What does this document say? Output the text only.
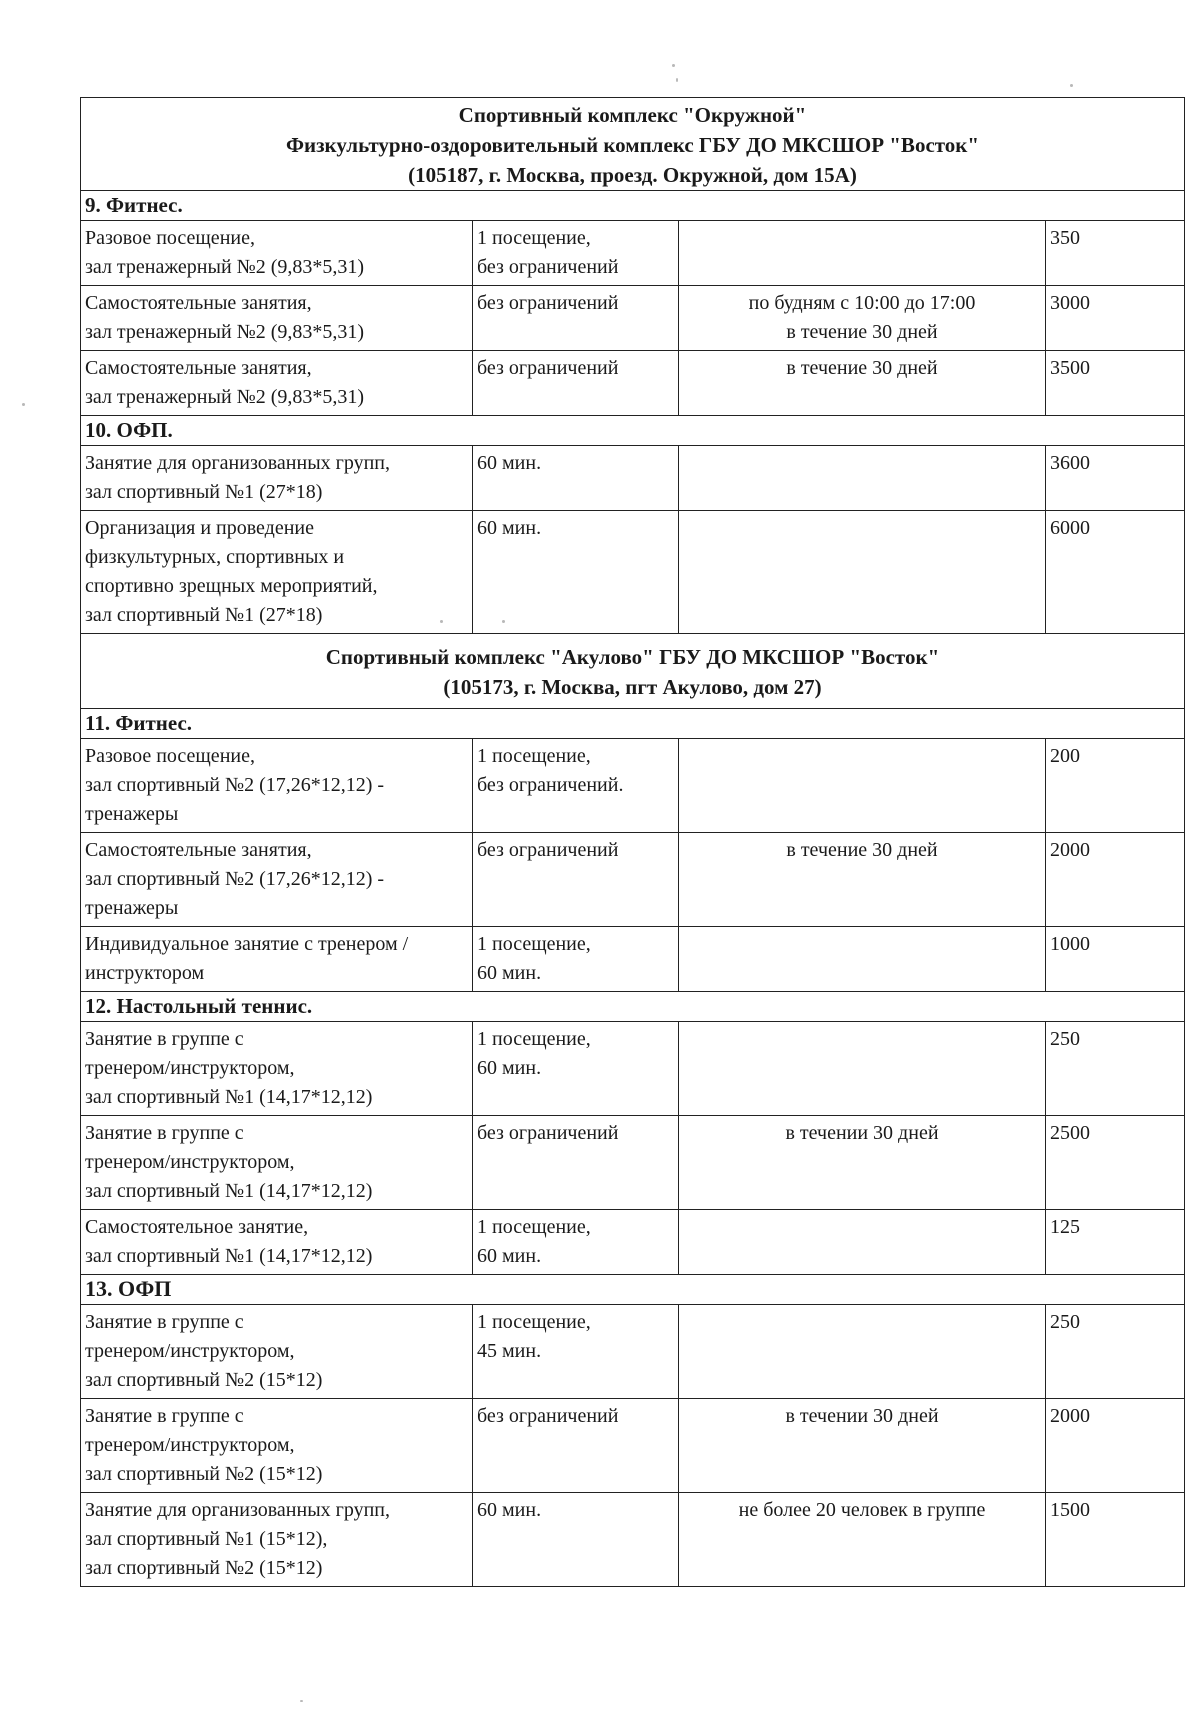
Спортивный комплекс "Окружной"
Физкультурно-оздоровительный комплекс ГБУ ДО МКСШОР "Восток"
(105187, г. Москва, проезд. Окружной, дом 15А)			

9. Фитнес.			

Разовое посещение,
зал тренажерный №2 (9,83*5,31)	1 посещение,
без ограничений		350

Самостоятельные занятия,
зал тренажерный №2 (9,83*5,31)	без ограничений	по будням с 10:00 до 17:00
в течение 30 дней	3000

Самостоятельные занятия,
зал тренажерный №2 (9,83*5,31)	без ограничений	в течение 30 дней	3500
10. ОФП.			

Занятие для организованных групп,
зал спортивный №1 (27*18)	60 мин.		3600

Организация и проведение
физкультурных, спортивных и
спортивно зрещных мероприятий,
зал спортивный №1 (27*18)	60 мин.		6000

Спортивный комплекс "Акулово" ГБУ ДО МКСШОР "Восток"
(105173, г. Москва, пгт Акулово, дом 27)			

11. Фитнес.			

Разовое посещение,
зал спортивный №2 (17,26*12,12) -
тренажеры	1 посещение,
без ограничений.		200

Самостоятельные занятия,
зал спортивный №2 (17,26*12,12) -
тренажеры	без ограничений	в течение 30 дней	2000

Индивидуальное занятие с тренером /
инструктором	1 посещение,
60 мин.		1000
12. Настольный теннис.			

Занятие в группе с
тренером/инструктором,
зал спортивный №1 (14,17*12,12)	1 посещение,
60 мин.		250

Занятие в группе с
тренером/инструктором,
зал спортивный №1 (14,17*12,12)	без ограничений	в течении 30 дней	2500

Самостоятельное занятие,
зал спортивный №1 (14,17*12,12)	1 посещение,
60 мин.		125
13. ОФП			

Занятие в группе с
тренером/инструктором,
зал спортивный №2 (15*12)	1 посещение,
45 мин.		250

Занятие в группе с
тренером/инструктором,
зал спортивный №2 (15*12)	без ограничений	в течении 30 дней	2000

Занятие для организованных групп,
зал спортивный №1 (15*12),
зал спортивный №2 (15*12)	60 мин.	не более 20 человек в группе	1500
